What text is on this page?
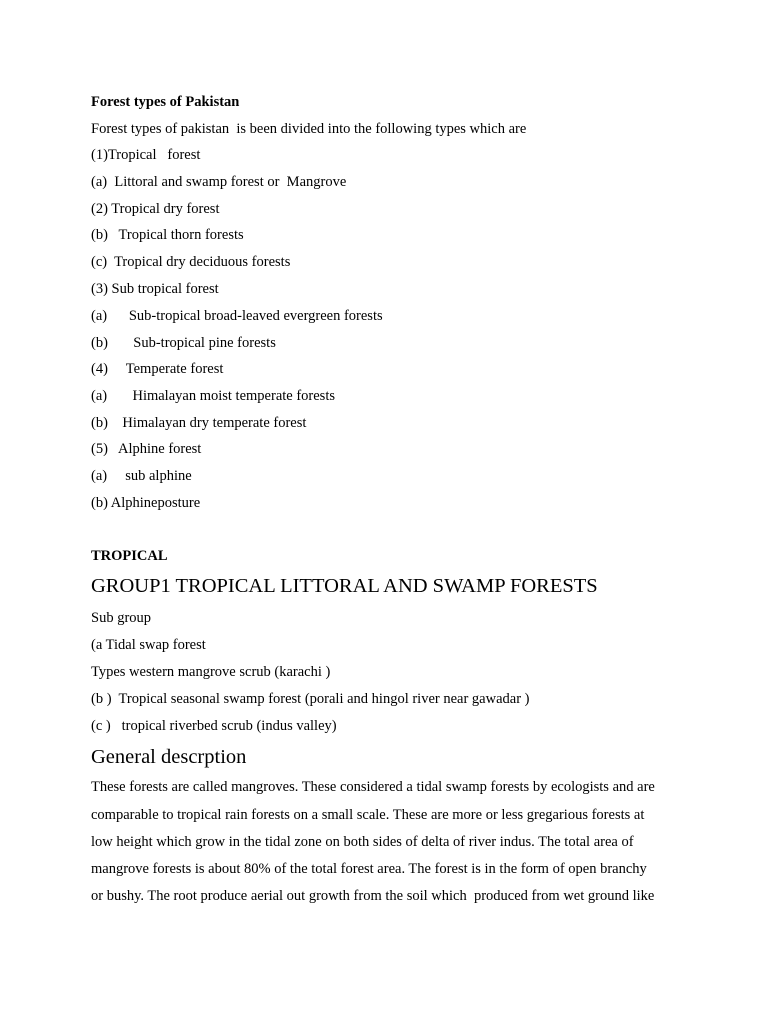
Forest types of Pakistan
Forest types of pakistan  is been divided into the following types which are
(1)Tropical   forest
(a)  Littoral and swamp forest or  Mangrove
(2) Tropical dry forest
(b)   Tropical thorn forests
(c)  Tropical dry deciduous forests
(3) Sub tropical forest
(a)      Sub-tropical broad-leaved evergreen forests
(b)       Sub-tropical pine forests
(4)     Temperate forest
(a)       Himalayan moist temperate forests
(b)    Himalayan dry temperate forest
(5)   Alphine forest
(a)     sub alphine
(b) Alphineposture
TROPICAL
GROUP1 TROPICAL LITTORAL AND SWAMP FORESTS
Sub group
(a Tidal swap forest
Types western mangrove scrub (karachi )
(b )  Tropical seasonal swamp forest (porali and hingol river near gawadar )
(c )   tropical riverbed scrub (indus valley)
General descrption
These forests are called mangroves. These considered a tidal swamp forests by ecologists and are
comparable to tropical rain forests on a small scale. These are more or less gregarious forests at
low height which grow in the tidal zone on both sides of delta of river indus. The total area of
mangrove forests is about 80% of the total forest area. The forest is in the form of open branchy
or bushy. The root produce aerial out growth from the soil which  produced from wet ground like
